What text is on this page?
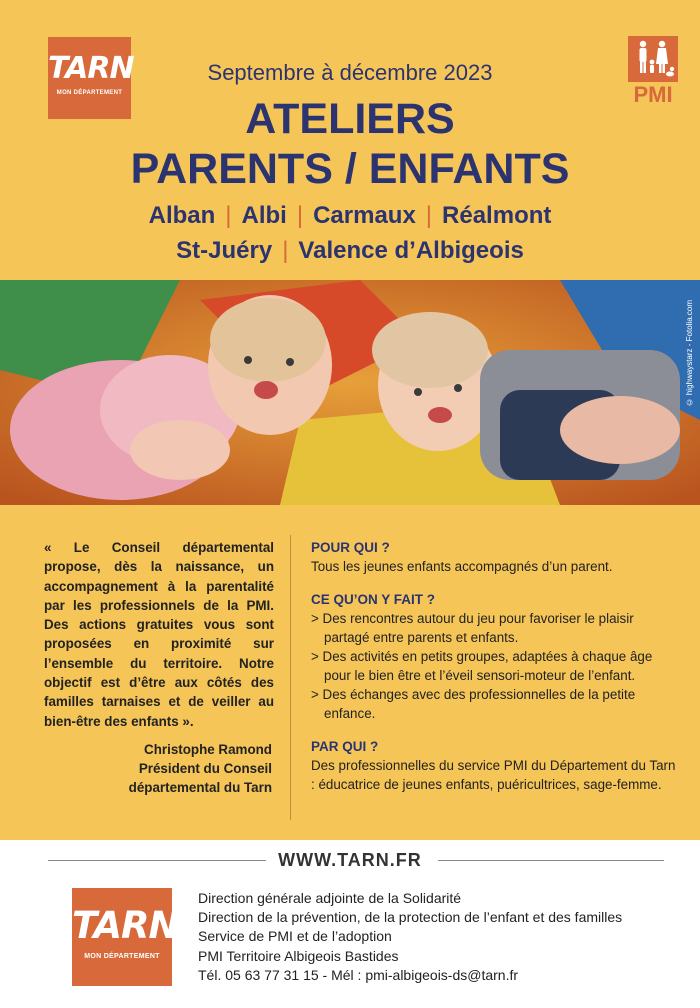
TARN
MON DÉPARTEMENT	PMI
Septembre à décembre 2023
ATELIERS
PARENTS / ENFANTS
Alban | Albi | Carmaux | Réalmont
St-Juéry | Valence d’Albigeois
© highwaystarz - Fotolia.com
« Le Conseil départemental propose, dès la naissance, un accompagnement à la parentalité par les professionnels de la PMI. Des actions gratuites vous sont proposées en proximité sur l’ensemble du territoire. Notre objectif est d’être aux côtés des familles tarnaises et de veiller au bien-être des enfants ».
Christophe Ramond
Président du Conseil
départemental du Tarn
POUR QUI ?
Tous les jeunes enfants accompagnés d’un parent.
CE QU’ON Y FAIT ?
> Des rencontres autour du jeu pour favoriser le plaisir partagé entre parents et enfants.
> Des activités en petits groupes, adaptées à chaque âge pour le bien être et l’éveil sensori-moteur de l’enfant.
> Des échanges avec des professionnelles de la petite enfance.
PAR QUI ?
Des professionnelles du service PMI du Département du Tarn : éducatrice de jeunes enfants, puéricultrices, sage-femme.
WWW.TARN.FR
TARN
MON DÉPARTEMENT
Direction générale adjointe de la Solidarité
Direction de la prévention, de la protection de l’enfant et des familles
Service de PMI et de l’adoption
PMI Territoire Albigeois Bastides
Tél. 05 63 77 31 15 - Mél : pmi-albigeois-ds@tarn.fr
